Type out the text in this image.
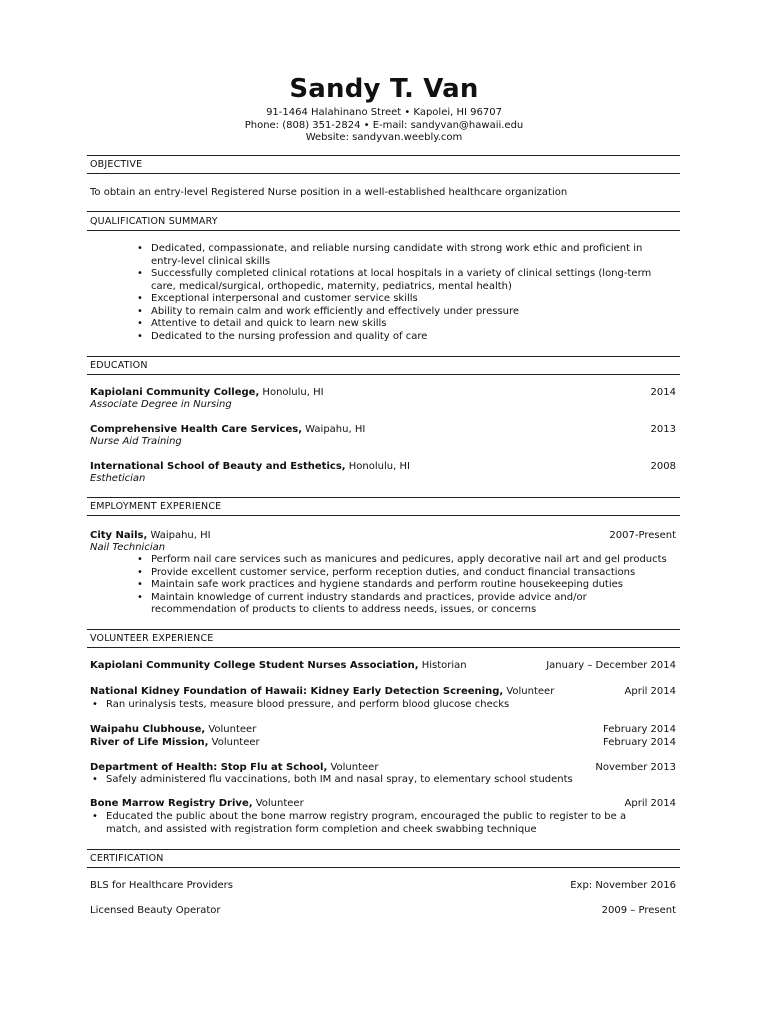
Sandy T. Van
91-1464 Halahinano Street • Kapolei, HI 96707
Phone: (808) 351-2824 • E-mail: sandyvan@hawaii.edu
Website: sandyvan.weebly.com
OBJECTIVE
To obtain an entry-level Registered Nurse position in a well-established healthcare organization
QUALIFICATION SUMMARY
• Dedicated, compassionate, and reliable nursing candidate with strong work ethic and proficient in entry-level clinical skills
• Successfully completed clinical rotations at local hospitals in a variety of clinical settings (long-term care, medical/surgical, orthopedic, maternity, pediatrics, mental health)
• Exceptional interpersonal and customer service skills
• Ability to remain calm and work efficiently and effectively under pressure
• Attentive to detail and quick to learn new skills
• Dedicated to the nursing profession and quality of care
EDUCATION
Kapiolani Community College, Honolulu, HI	2014
Associate Degree in Nursing
Comprehensive Health Care Services, Waipahu, HI	2013
Nurse Aid Training
International School of Beauty and Esthetics, Honolulu, HI	2008
Esthetician
EMPLOYMENT EXPERIENCE
City Nails, Waipahu, HI	2007-Present
Nail Technician
• Perform nail care services such as manicures and pedicures, apply decorative nail art and gel products
• Provide excellent customer service, perform reception duties, and conduct financial transactions
• Maintain safe work practices and hygiene standards and perform routine housekeeping duties
• Maintain knowledge of current industry standards and practices, provide advice and/or recommendation of products to clients to address needs, issues, or concerns
VOLUNTEER EXPERIENCE
Kapiolani Community College Student Nurses Association, Historian	January – December 2014
National Kidney Foundation of Hawaii: Kidney Early Detection Screening, Volunteer	April 2014
• Ran urinalysis tests, measure blood pressure, and perform blood glucose checks
Waipahu Clubhouse, Volunteer	February 2014
River of Life Mission, Volunteer	February 2014
Department of Health: Stop Flu at School, Volunteer	November 2013
• Safely administered flu vaccinations, both IM and nasal spray, to elementary school students
Bone Marrow Registry Drive, Volunteer	April 2014
• Educated the public about the bone marrow registry program, encouraged the public to register to be a match, and assisted with registration form completion and cheek swabbing technique
CERTIFICATION
BLS for Healthcare Providers	Exp: November 2016
Licensed Beauty Operator	2009 – Present
